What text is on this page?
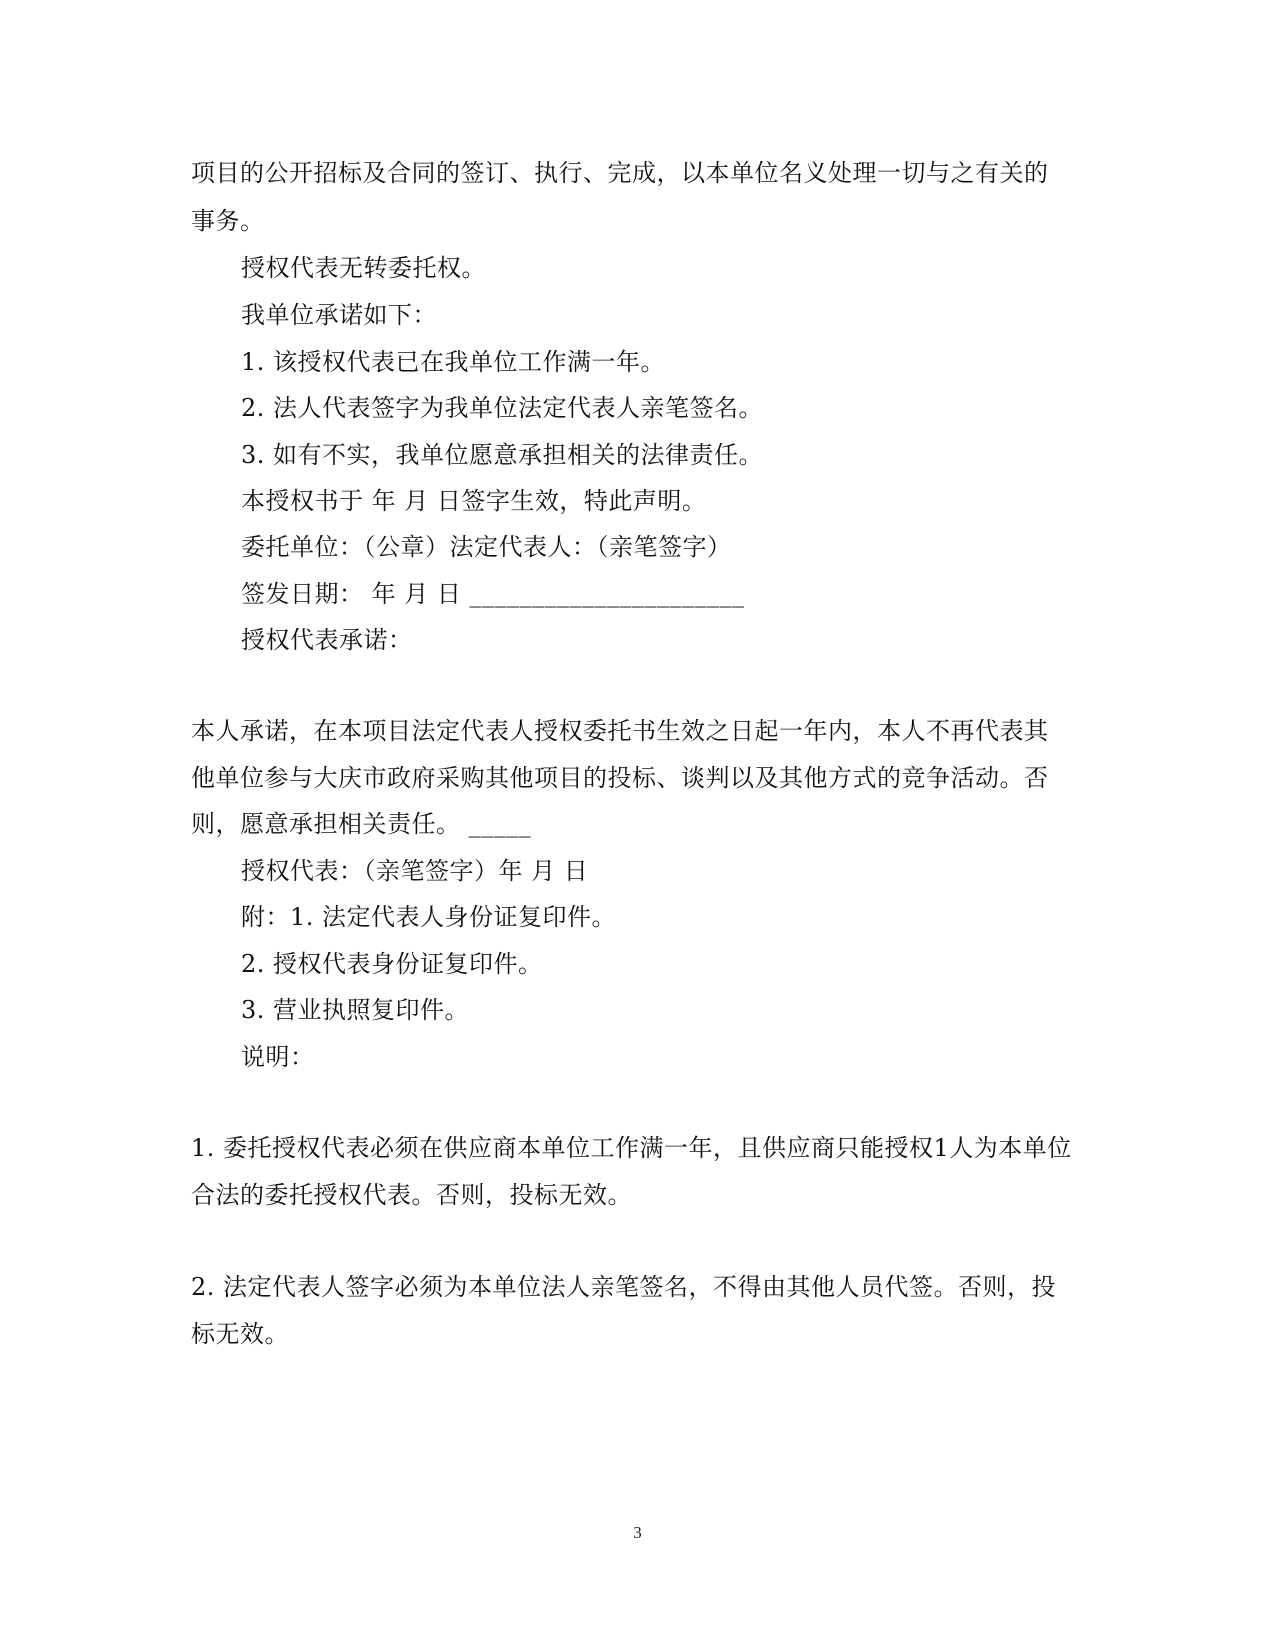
项目的公开招标及合同的签订、执行、完成，以本单位名义处理一切与之有关的
事务。
授权代表无转委托权。
我单位承诺如下：
1. 该授权代表已在我单位工作满一年。
2. 法人代表签字为我单位法定代表人亲笔签名。
3. 如有不实，我单位愿意承担相关的法律责任。
本授权书于 年 月 日签字生效，特此声明。
委托单位：（公章）法定代表人：（亲笔签字）
签发日期： 年 月 日 ______________________
授权代表承诺：
本人承诺，在本项目法定代表人授权委托书生效之日起一年内，本人不再代表其
他单位参与大庆市政府采购其他项目的投标、谈判以及其他方式的竞争活动。否
则，愿意承担相关责任。 _____
授权代表：（亲笔签字）年 月 日
附：1. 法定代表人身份证复印件。
2. 授权代表身份证复印件。
3. 营业执照复印件。
说明：
1. 委托授权代表必须在供应商本单位工作满一年，且供应商只能授权1人为本单位
合法的委托授权代表。否则，投标无效。
2. 法定代表人签字必须为本单位法人亲笔签名，不得由其他人员代签。否则，投
标无效。
3
